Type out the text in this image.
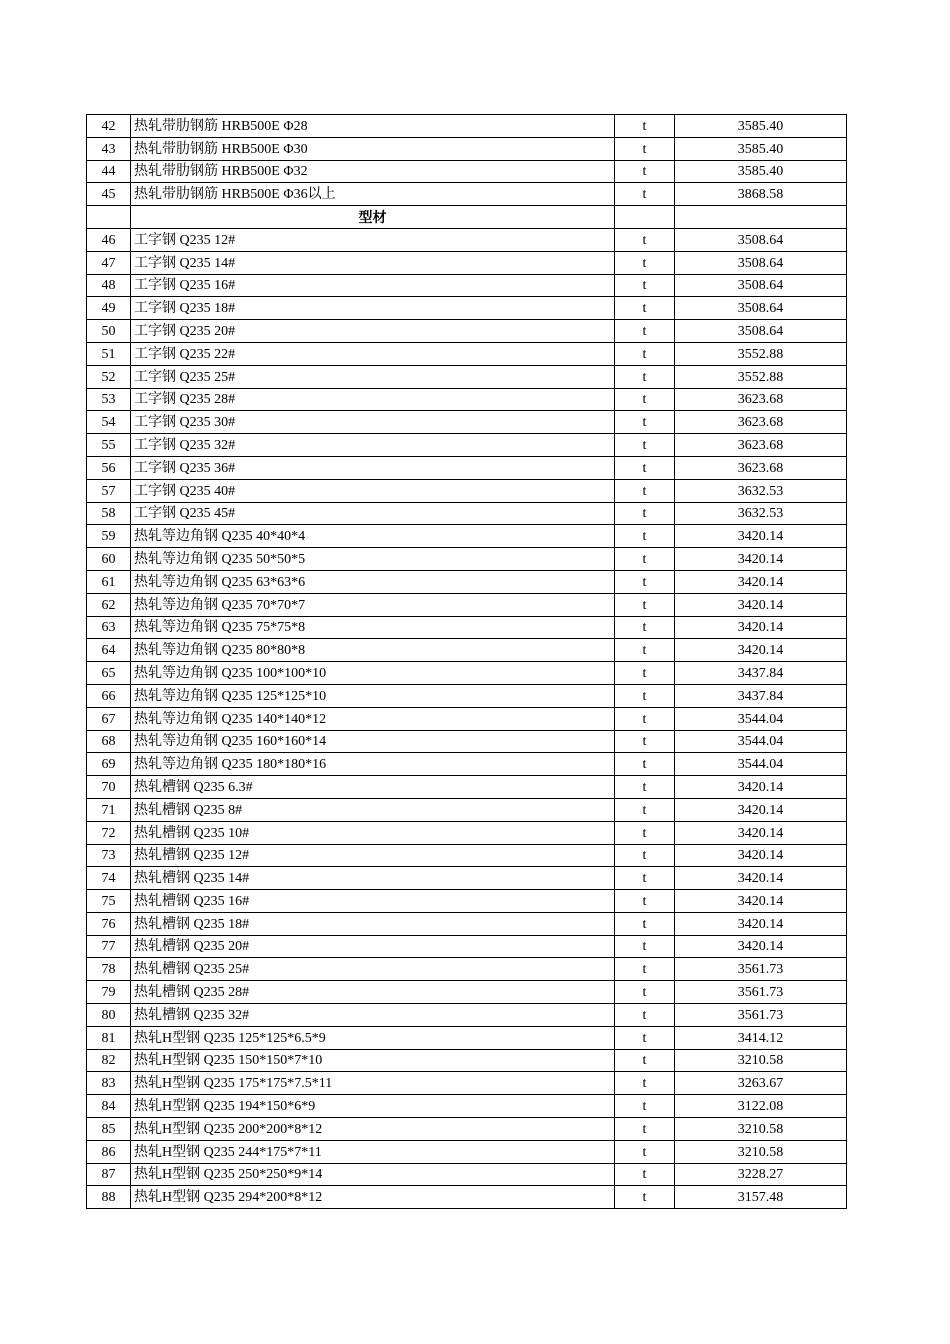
42	热轧带肋钢筋 HRB500E Φ28	t	3585.40
43	热轧带肋钢筋 HRB500E Φ30	t	3585.40
44	热轧带肋钢筋 HRB500E Φ32	t	3585.40
45	热轧带肋钢筋 HRB500E Φ36以上	t	3868.58
	型材		
46	工字钢 Q235 12#	t	3508.64
47	工字钢 Q235 14#	t	3508.64
48	工字钢 Q235 16#	t	3508.64
49	工字钢 Q235 18#	t	3508.64
50	工字钢 Q235 20#	t	3508.64
51	工字钢 Q235 22#	t	3552.88
52	工字钢 Q235 25#	t	3552.88
53	工字钢 Q235 28#	t	3623.68
54	工字钢 Q235 30#	t	3623.68
55	工字钢 Q235 32#	t	3623.68
56	工字钢 Q235 36#	t	3623.68
57	工字钢 Q235 40#	t	3632.53
58	工字钢 Q235 45#	t	3632.53
59	热轧等边角钢 Q235 40*40*4	t	3420.14
60	热轧等边角钢 Q235 50*50*5	t	3420.14
61	热轧等边角钢 Q235 63*63*6	t	3420.14
62	热轧等边角钢 Q235 70*70*7	t	3420.14
63	热轧等边角钢 Q235 75*75*8	t	3420.14
64	热轧等边角钢 Q235 80*80*8	t	3420.14
65	热轧等边角钢 Q235 100*100*10	t	3437.84
66	热轧等边角钢 Q235 125*125*10	t	3437.84
67	热轧等边角钢 Q235 140*140*12	t	3544.04
68	热轧等边角钢 Q235 160*160*14	t	3544.04
69	热轧等边角钢 Q235 180*180*16	t	3544.04
70	热轧槽钢 Q235 6.3#	t	3420.14
71	热轧槽钢 Q235 8#	t	3420.14
72	热轧槽钢 Q235 10#	t	3420.14
73	热轧槽钢 Q235 12#	t	3420.14
74	热轧槽钢 Q235 14#	t	3420.14
75	热轧槽钢 Q235 16#	t	3420.14
76	热轧槽钢 Q235 18#	t	3420.14
77	热轧槽钢 Q235 20#	t	3420.14
78	热轧槽钢 Q235 25#	t	3561.73
79	热轧槽钢 Q235 28#	t	3561.73
80	热轧槽钢 Q235 32#	t	3561.73
81	热轧H型钢 Q235 125*125*6.5*9	t	3414.12
82	热轧H型钢 Q235 150*150*7*10	t	3210.58
83	热轧H型钢 Q235 175*175*7.5*11	t	3263.67
84	热轧H型钢 Q235 194*150*6*9	t	3122.08
85	热轧H型钢 Q235 200*200*8*12	t	3210.58
86	热轧H型钢 Q235 244*175*7*11	t	3210.58
87	热轧H型钢 Q235 250*250*9*14	t	3228.27
88	热轧H型钢 Q235 294*200*8*12	t	3157.48
